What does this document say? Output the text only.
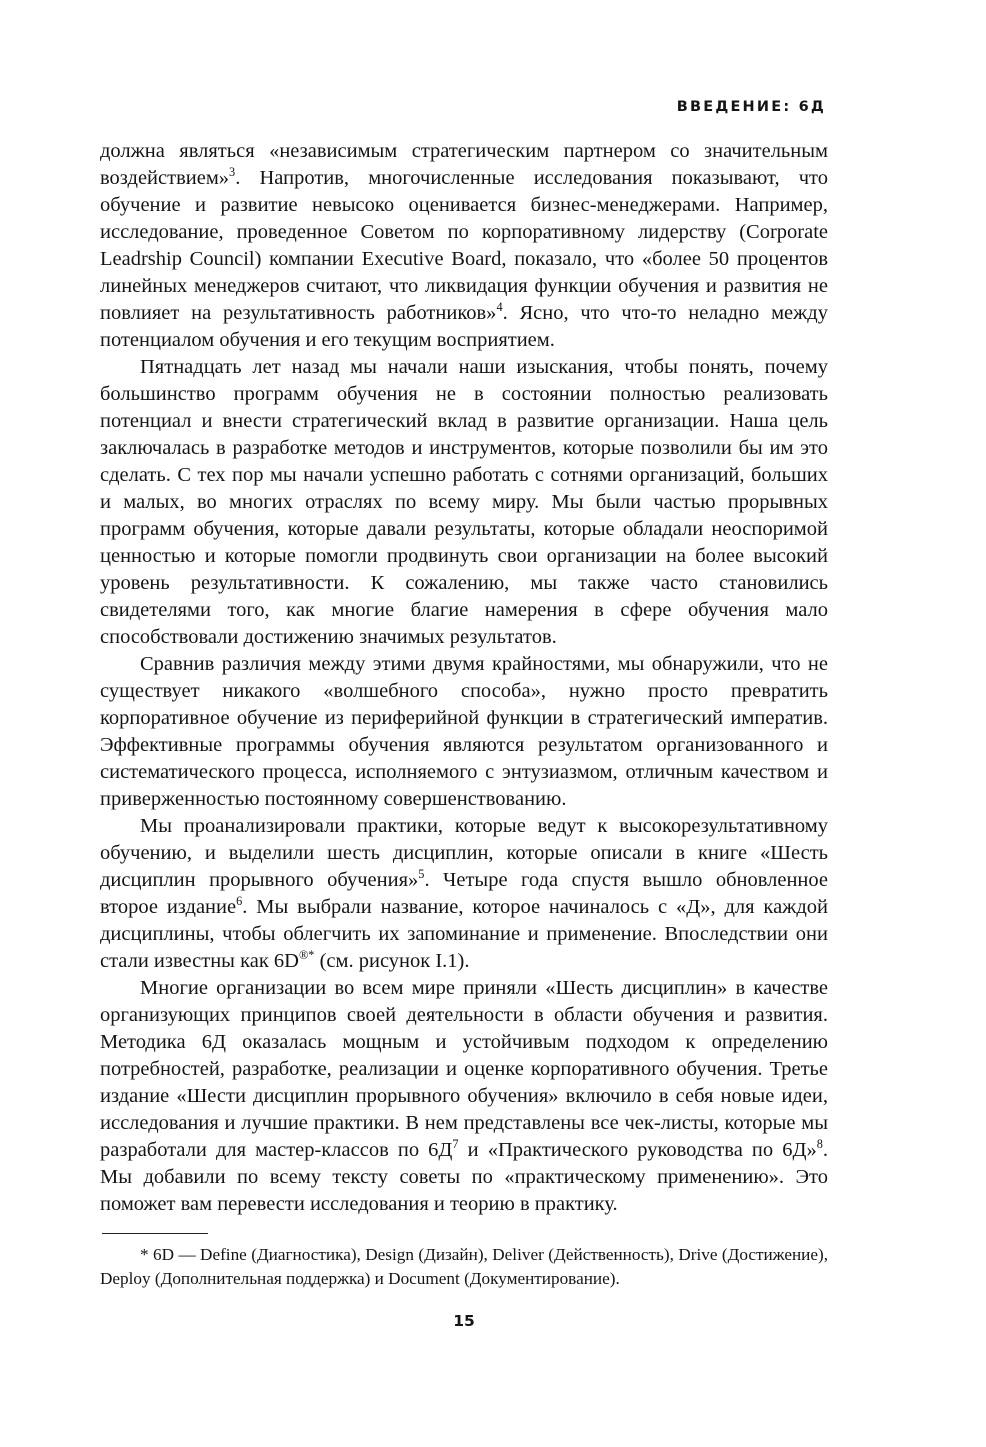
ВВЕДЕНИЕ: 6Д

должна являться «независимым стратегическим партнером со значительным воздействием»$^3$. Напротив, многочисленные исследования показывают, что обучение и развитие невысоко оценивается бизнес-менеджерами. Например, исследование, проведенное Советом по корпоративному лидерству (Corporate Leadrship Council) компании Executive Board, показало, что «более 50 процентов линейных менеджеров считают, что ликвидация функции обучения и развития не повлияет на результативность работников»$^4$. Ясно, что что-то неладно между потенциалом обучения и его текущим восприятием.

Пятнадцать лет назад мы начали наши изыскания, чтобы понять, почему большинство программ обучения не в состоянии полностью реализовать потенциал и внести стратегический вклад в развитие организации. Наша цель заключалась в разработке методов и инструментов, которые позволили бы им это сделать. С тех пор мы начали успешно работать с сотнями организаций, больших и малых, во многих отраслях по всему миру. Мы были частью прорывных программ обучения, которые давали результаты, которые обладали неоспоримой ценностью и которые помогли продвинуть свои организации на более высокий уровень результативности. К сожалению, мы также часто становились свидетелями того, как многие благие намерения в сфере обучения мало способствовали достижению значимых результатов.

Сравнив различия между этими двумя крайностями, мы обнаружили, что не существует никакого «волшебного способа», нужно просто превратить корпоративное обучение из периферийной функции в стратегический императив. Эффективные программы обучения являются результатом организованного и систематического процесса, исполняемого с энтузиазмом, отличным качеством и приверженностью постоянному совершенствованию.

Мы проанализировали практики, которые ведут к высокорезультативному обучению, и выделили шесть дисциплин, которые описали в книге «Шесть дисциплин прорывного обучения»$^5$. Четыре года спустя вышло обновленное второе издание$^6$. Мы выбрали название, которое начиналось с «Д», для каждой дисциплины, чтобы облегчить их запоминание и применение. Впоследствии они стали известны как 6D®* (см. рисунок I.1).

Многие организации во всем мире приняли «Шесть дисциплин» в качестве организующих принципов своей деятельности в области обучения и развития. Методика 6Д оказалась мощным и устойчивым подходом к определению потребностей, разработке, реализации и оценке корпоративного обучения. Третье издание «Шести дисциплин прорывного обучения» включило в себя новые идеи, исследования и лучшие практики. В нем представлены все чек-листы, которые мы разработали для мастер-классов по $6Д^7$ и «Практического руководства по 6Д»$^8$. Мы добавили по всему тексту советы по «практическому применению». Это поможет вам перевести исследования и теорию в практику.

* 6D — Define (Диагностика), Design (Дизайн), Deliver (Действенность), Drive (Достижение), Deploy (Дополнительная поддержка) и Document (Документирование).

15
